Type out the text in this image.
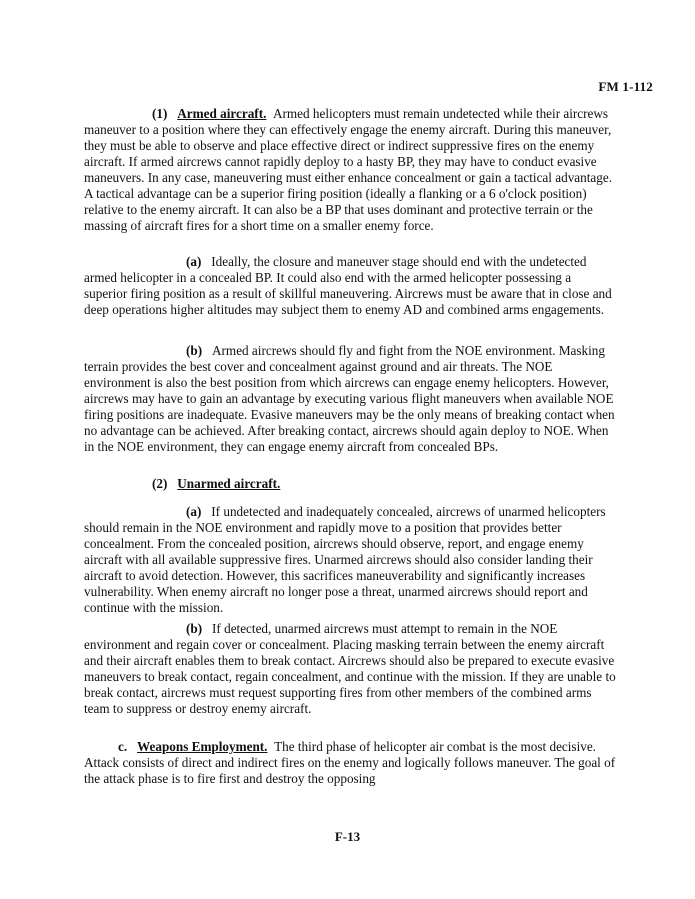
FM 1-112

(1) Armed aircraft. Armed helicopters must remain undetected while their aircrews maneuver to a position where they can effectively engage the enemy aircraft. During this maneuver, they must be able to observe and place effective direct or indirect suppressive fires on the enemy aircraft. If armed aircrews cannot rapidly deploy to a hasty BP, they may have to conduct evasive maneuvers. In any case, maneuvering must either enhance concealment or gain a tactical advantage. A tactical advantage can be a superior firing position (ideally a flanking or a 6 o'clock position) relative to the enemy aircraft. It can also be a BP that uses dominant and protective terrain or the massing of aircraft fires for a short time on a smaller enemy force.

(a) Ideally, the closure and maneuver stage should end with the undetected armed helicopter in a concealed BP. It could also end with the armed helicopter possessing a superior firing position as a result of skillful maneuvering. Aircrews must be aware that in close and deep operations higher altitudes may subject them to enemy AD and combined arms engagements.

(b) Armed aircrews should fly and fight from the NOE environment. Masking terrain provides the best cover and concealment against ground and air threats. The NOE environment is also the best position from which aircrews can engage enemy helicopters. However, aircrews may have to gain an advantage by executing various flight maneuvers when available NOE firing positions are inadequate. Evasive maneuvers may be the only means of breaking contact when no advantage can be achieved. After breaking contact, aircrews should again deploy to NOE. When in the NOE environment, they can engage enemy aircraft from concealed BPs.

(2) Unarmed aircraft.

(a) If undetected and inadequately concealed, aircrews of unarmed helicopters should remain in the NOE environment and rapidly move to a position that provides better concealment. From the concealed position, aircrews should observe, report, and engage enemy aircraft with all available suppressive fires. Unarmed aircrews should also consider landing their aircraft to avoid detection. However, this sacrifices maneuverability and significantly increases vulnerability. When enemy aircraft no longer pose a threat, unarmed aircrews should report and continue with the mission.

(b) If detected, unarmed aircrews must attempt to remain in the NOE environment and regain cover or concealment. Placing masking terrain between the enemy aircraft and their aircraft enables them to break contact. Aircrews should also be prepared to execute evasive maneuvers to break contact, regain concealment, and continue with the mission. If they are unable to break contact, aircrews must request supporting fires from other members of the combined arms team to suppress or destroy enemy aircraft.

c. Weapons Employment. The third phase of helicopter air combat is the most decisive. Attack consists of direct and indirect fires on the enemy and logically follows maneuver. The goal of the attack phase is to fire first and destroy the opposing

F-13
